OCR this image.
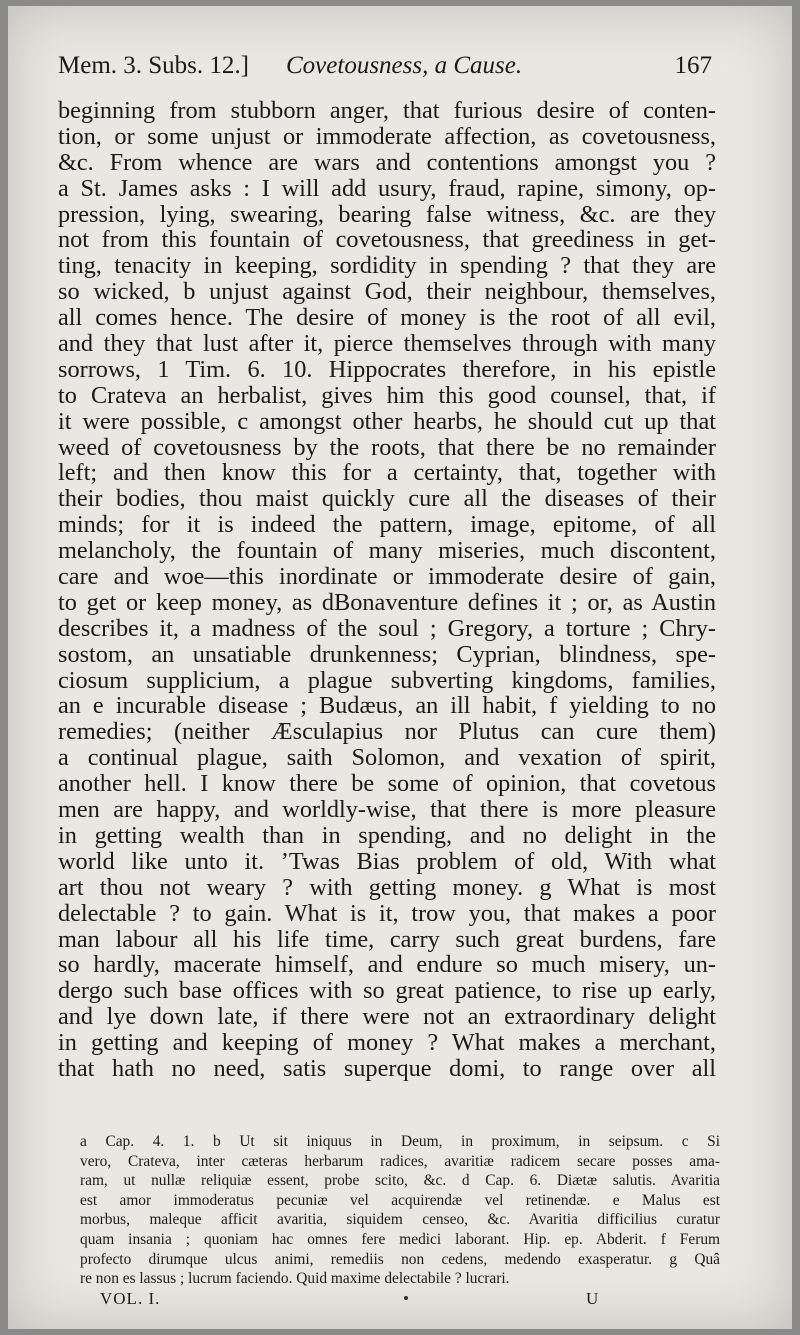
Mem. 3. Subs. 12.] Covetousness, a Cause.	167
beginning from stubborn anger, that furious desire of conten-
tion, or some unjust or immoderate affection, as covetousness,
&c. From whence are wars and contentions amongst you ?
a St. James asks : I will add usury, fraud, rapine, simony, op-
pression, lying, swearing, bearing false witness, &c. are they
not from this fountain of covetousness, that greediness in get-
ting, tenacity in keeping, sordidity in spending ? that they are
so wicked, b unjust against God, their neighbour, themselves,
all comes hence. The desire of money is the root of all evil,
and they that lust after it, pierce themselves through with many
sorrows, 1 Tim. 6. 10. Hippocrates therefore, in his epistle
to Crateva an herbalist, gives him this good counsel, that, if
it were possible, c amongst other hearbs, he should cut up that
weed of covetousness by the roots, that there be no remainder
left; and then know this for a certainty, that, together with
their bodies, thou maist quickly cure all the diseases of their
minds; for it is indeed the pattern, image, epitome, of all
melancholy, the fountain of many miseries, much discontent,
care and woe—this inordinate or immoderate desire of gain,
to get or keep money, as dBonaventure defines it ; or, as Austin
describes it, a madness of the soul ; Gregory, a torture ; Chry-
sostom, an unsatiable drunkenness; Cyprian, blindness, spe-
ciosum supplicium, a plague subverting kingdoms, families,
an e incurable disease ; Budæus, an ill habit, f yielding to no
remedies; (neither Æsculapius nor Plutus can cure them)
a continual plague, saith Solomon, and vexation of spirit,
another hell. I know there be some of opinion, that covetous
men are happy, and worldly-wise, that there is more pleasure
in getting wealth than in spending, and no delight in the
world like unto it. ’Twas Bias problem of old, With what
art thou not weary ? with getting money. g What is most
delectable ? to gain. What is it, trow you, that makes a poor
man labour all his life time, carry such great burdens, fare
so hardly, macerate himself, and endure so much misery, un-
dergo such base offices with so great patience, to rise up early,
and lye down late, if there were not an extraordinary delight
in getting and keeping of money ? What makes a merchant,
that hath no need, satis superque domi, to range over all
a Cap. 4. 1. b Ut sit iniquus in Deum, in proximum, in seipsum. c Si
vero, Crateva, inter cæteras herbarum radices, avaritiæ radicem secare posses ama-
ram, ut nullæ reliquiæ essent, probe scito, &c. d Cap. 6. Diætæ salutis. Avaritia
est amor immoderatus pecuniæ vel acquirendæ vel retinendæ. e Malus est
morbus, maleque afficit avaritia, siquidem censeo, &c. Avaritia difficilius curatur
quam insania ; quoniam hac omnes fere medici laborant. Hip. ep. Abderit. f Ferum
profecto dirumque ulcus animi, remediis non cedens, medendo exasperatur. g Quâ
re non es lassus ; lucrum faciendo. Quid maxime delectabile ? lucrari.
VOL. I.	U
